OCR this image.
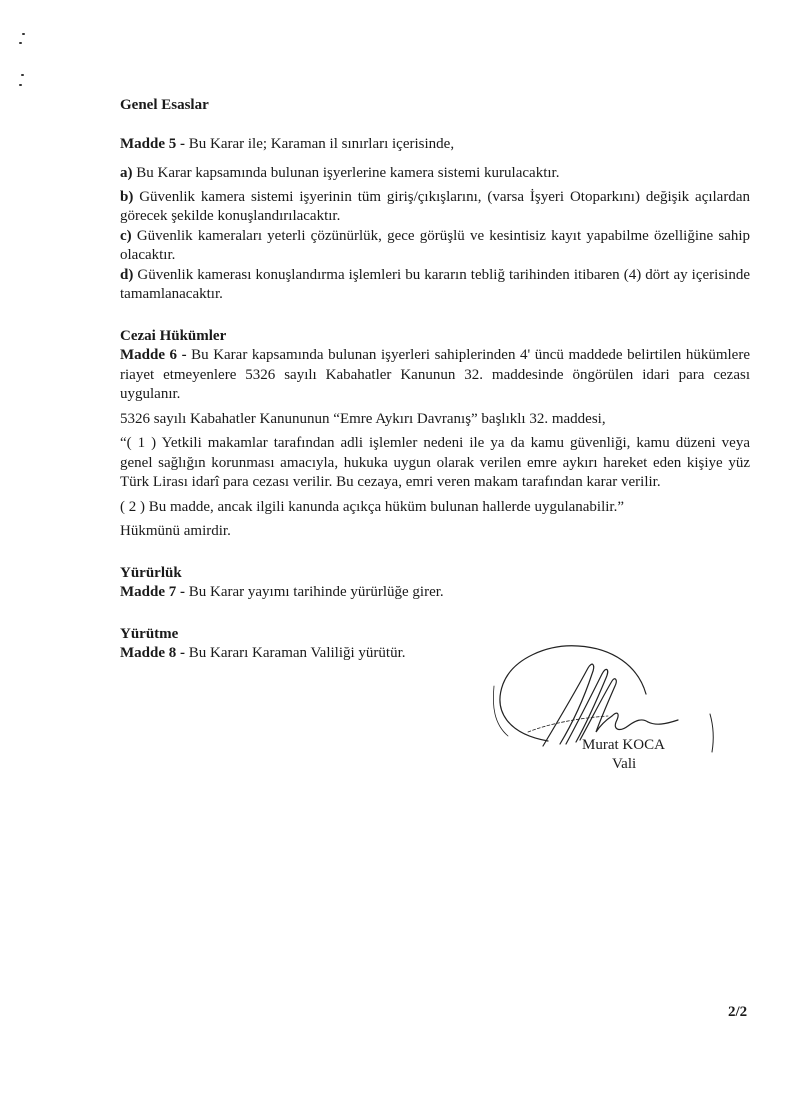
Genel Esaslar

Madde 5 - Bu Karar ile; Karaman il sınırları içerisinde,

a) Bu Karar kapsamında bulunan işyerlerine kamera sistemi kurulacaktır.

b) Güvenlik kamera sistemi işyerinin tüm giriş/çıkışlarını, (varsa İşyeri Otoparkını) değişik açılardan görecek şekilde konuşlandırılacaktır.

c) Güvenlik kameraları yeterli çözünürlük, gece görüşlü ve kesintisiz kayıt yapabilme özelliğine sahip olacaktır.

d) Güvenlik kamerası konuşlandırma işlemleri bu kararın tebliğ tarihinden itibaren (4) dört ay içerisinde tamamlanacaktır.

Cezai Hükümler

Madde 6 - Bu Karar kapsamında bulunan işyerleri sahiplerinden 4' üncü maddede belirtilen hükümlere riayet etmeyenlere 5326 sayılı Kabahatler Kanunun 32. maddesinde öngörülen idari para cezası uygulanır.

5326 sayılı Kabahatler Kanununun “Emre Aykırı Davranış” başlıklı 32. maddesi,

“( 1 ) Yetkili makamlar tarafından adli işlemler nedeni ile ya da kamu güvenliği, kamu düzeni veya genel sağlığın korunması amacıyla, hukuka uygun olarak verilen emre aykırı hareket eden kişiye yüz Türk Lirası idarî para cezası verilir. Bu cezaya, emri veren makam tarafından karar verilir.

( 2 ) Bu madde, ancak ilgili kanunda açıkça hüküm bulunan hallerde uygulanabilir.”

Hükmünü amirdir.

Yürürlük

Madde 7 - Bu Karar yayımı tarihinde yürürlüğe girer.

Yürütme

Madde 8 - Bu Kararı Karaman Valiliği yürütür.

Murat KOCA
Vali
2/2
